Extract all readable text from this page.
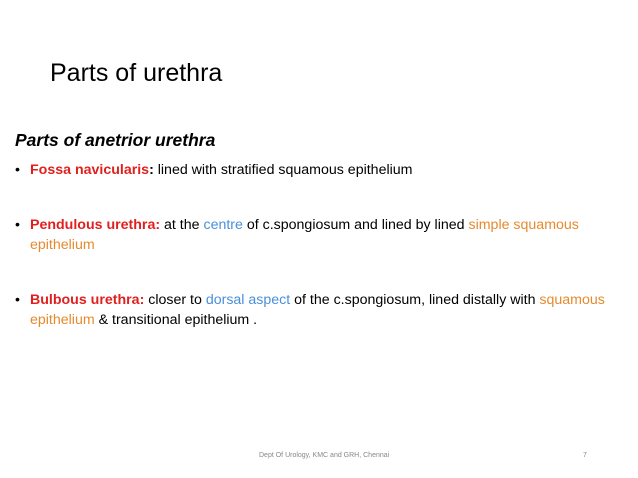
Parts of urethra
Parts of anetrior urethra
• Fossa navicularis: lined with stratified squamous epithelium
• Pendulous urethra: at the centre of c.spongiosum and lined by lined simple squamous epithelium
• Bulbous urethra: closer to dorsal aspect of the c.spongiosum, lined distally with squamous epithelium & transitional epithelium .
Dept Of Urology, KMC and GRH, Chennai	7
